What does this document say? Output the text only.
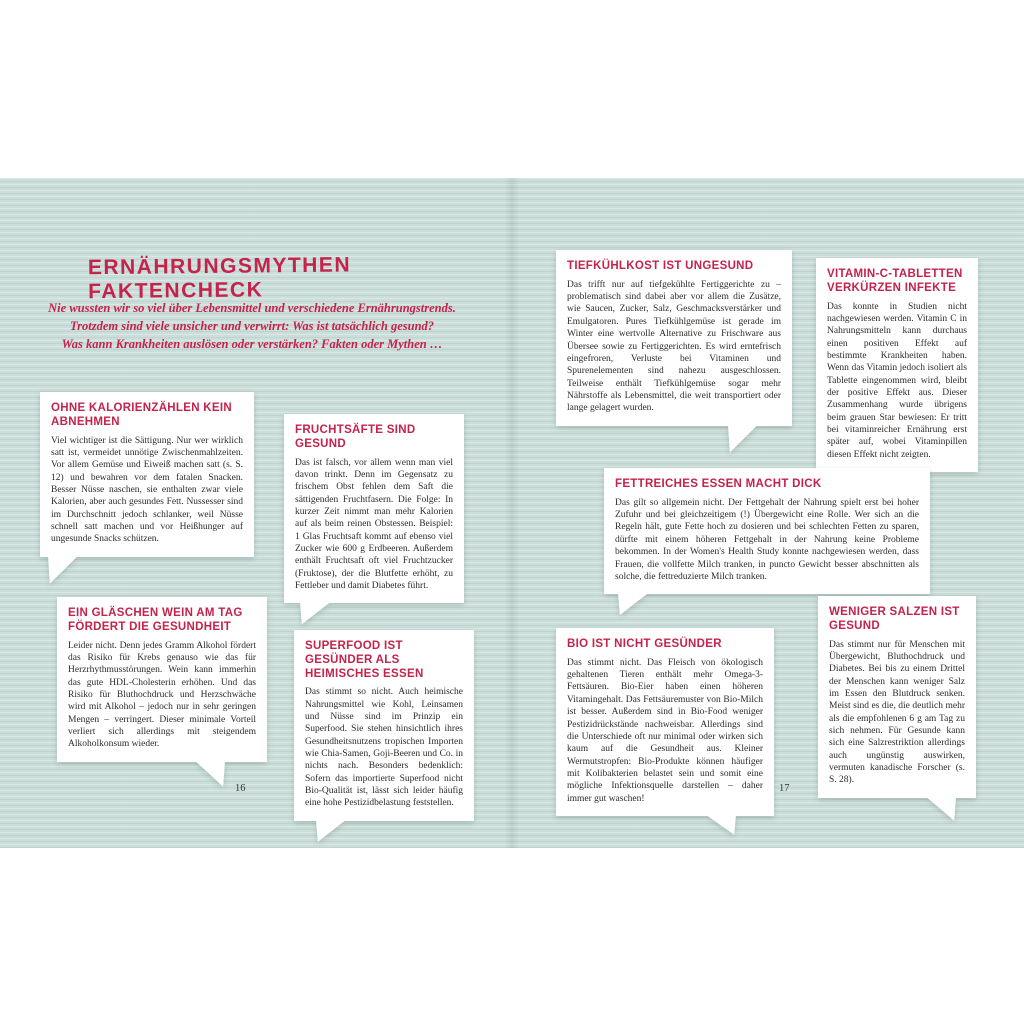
ERNÄHRUNGSMYTHEN FAKTENCHECK
Nie wussten wir so viel über Lebensmittel und verschiedene Ernährungstrends.
Trotzdem sind viele unsicher und verwirrt: Was ist tatsächlich gesund?
Was kann Krankheiten auslösen oder verstärken? Fakten oder Mythen …
OHNE KALORIENZÄHLEN KEIN ABNEHMEN

Viel wichtiger ist die Sättigung. Nur wer wirklich satt ist, vermeidet unnötige Zwischenmahlzeiten. Vor allem Gemüse und Eiweiß machen satt (s. S. 12) und bewahren vor dem fatalen Snacken. Besser Nüsse naschen, sie enthalten zwar viele Kalorien, aber auch gesundes Fett. Nussesser sind im Durchschnitt jedoch schlanker, weil Nüsse schnell satt machen und vor Heißhunger auf ungesunde Snacks schützen.

FRUCHTSÄFTE SIND GESUND

Das ist falsch, vor allem wenn man viel davon trinkt. Denn im Gegensatz zu frischem Obst fehlen dem Saft die sättigenden Fruchtfasern. Die Folge: In kurzer Zeit nimmt man mehr Kalorien auf als beim reinen Obstessen. Beispiel: 1 Glas Fruchtsaft kommt auf ebenso viel Zucker wie 600 g Erdbeeren. Außerdem enthält Fruchtsaft oft viel Fruchtzucker (Fruktose), der die Blutfette erhöht, zu Fettleber und damit Diabetes führt.

EIN GLÄSCHEN WEIN AM TAG FÖRDERT DIE GESUNDHEIT

Leider nicht. Denn jedes Gramm Alkohol fördert das Risiko für Krebs genauso wie das für Herzrhythmusstörungen. Wein kann immerhin das gute HDL-Cholesterin erhöhen. Und das Risiko für Bluthochdruck und Herzschwäche wird mit Alkohol – jedoch nur in sehr geringen Mengen – verringert. Dieser minimale Vorteil verliert sich allerdings mit steigendem Alkoholkonsum wieder.

SUPERFOOD IST GESÜNDER ALS HEIMISCHES ESSEN

Das stimmt so nicht. Auch heimische Nahrungsmittel wie Kohl, Leinsamen und Nüsse sind im Prinzip ein Superfood. Sie stehen hinsichtlich ihres Gesundheitsnutzens tropischen Importen wie Chia-Samen, Goji-Beeren und Co. in nichts nach. Besonders bedenklich: Sofern das importierte Superfood nicht Bio-Qualität ist, lässt sich leider häufig eine hohe Pestizidbelastung feststellen.

TIEFKÜHLKOST IST UNGESUND

Das trifft nur auf tiefgekühlte Fertiggerichte zu – problematisch sind dabei aber vor allem die Zusätze, wie Saucen, Zucker, Salz, Geschmacksverstärker und Emulgatoren. Pures Tiefkühlgemüse ist gerade im Winter eine wertvolle Alternative zu Frischware aus Übersee sowie zu Fertiggerichten. Es wird erntefrisch eingefroren, Verluste bei Vitaminen und Spurenelementen sind nahezu ausgeschlossen. Teilweise enthält Tiefkühlgemüse sogar mehr Nährstoffe als Lebensmittel, die weit transportiert oder lange gelagert wurden.

VITAMIN-C-TABLETTEN VERKÜRZEN INFEKTE

Das konnte in Studien nicht nachgewiesen werden. Vitamin C in Nahrungsmitteln kann durchaus einen positiven Effekt auf bestimmte Krankheiten haben. Wenn das Vitamin jedoch isoliert als Tablette eingenommen wird, bleibt der positive Effekt aus. Dieser Zusammenhang wurde übrigens beim grauen Star bewiesen: Er tritt bei vitaminreicher Ernährung erst später auf, wobei Vitaminpillen diesen Effekt nicht zeigten.

FETTREICHES ESSEN MACHT DICK

Das gilt so allgemein nicht. Der Fettgehalt der Nahrung spielt erst bei hoher Zufuhr und bei gleichzeitigem (!) Übergewicht eine Rolle. Wer sich an die Regeln hält, gute Fette hoch zu dosieren und bei schlechten Fetten zu sparen, dürfte mit einem höheren Fettgehalt in der Nahrung keine Probleme bekommen. In der Women's Health Study konnte nachgewiesen werden, dass Frauen, die vollfette Milch tranken, in puncto Gewicht besser abschnitten als solche, die fettreduzierte Milch tranken.

BIO IST NICHT GESÜNDER

Das stimmt nicht. Das Fleisch von ökologisch gehaltenen Tieren enthält mehr Omega-3-Fettsäuren. Bio-Eier haben einen höheren Vitamingehalt. Das Fettsäuremuster von Bio-Milch ist besser. Außerdem sind in Bio-Food weniger Pestizidrückstände nachweisbar. Allerdings sind die Unterschiede oft nur minimal oder wirken sich kaum auf die Gesundheit aus. Kleiner Wermutstropfen: Bio-Produkte können häufiger mit Kolibakterien belastet sein und somit eine mögliche Infektionsquelle darstellen – daher immer gut waschen!

WENIGER SALZEN IST GESUND

Das stimmt nur für Menschen mit Übergewicht, Bluthochdruck und Diabetes. Bei bis zu einem Drittel der Menschen kann weniger Salz im Essen den Blutdruck senken. Meist sind es die, die deutlich mehr als die empfohlenen 6 g am Tag zu sich nehmen. Für Gesunde kann sich eine Salzrestriktion allerdings auch ungünstig auswirken, vermuten kanadische Forscher (s. S. 28).

16	17
